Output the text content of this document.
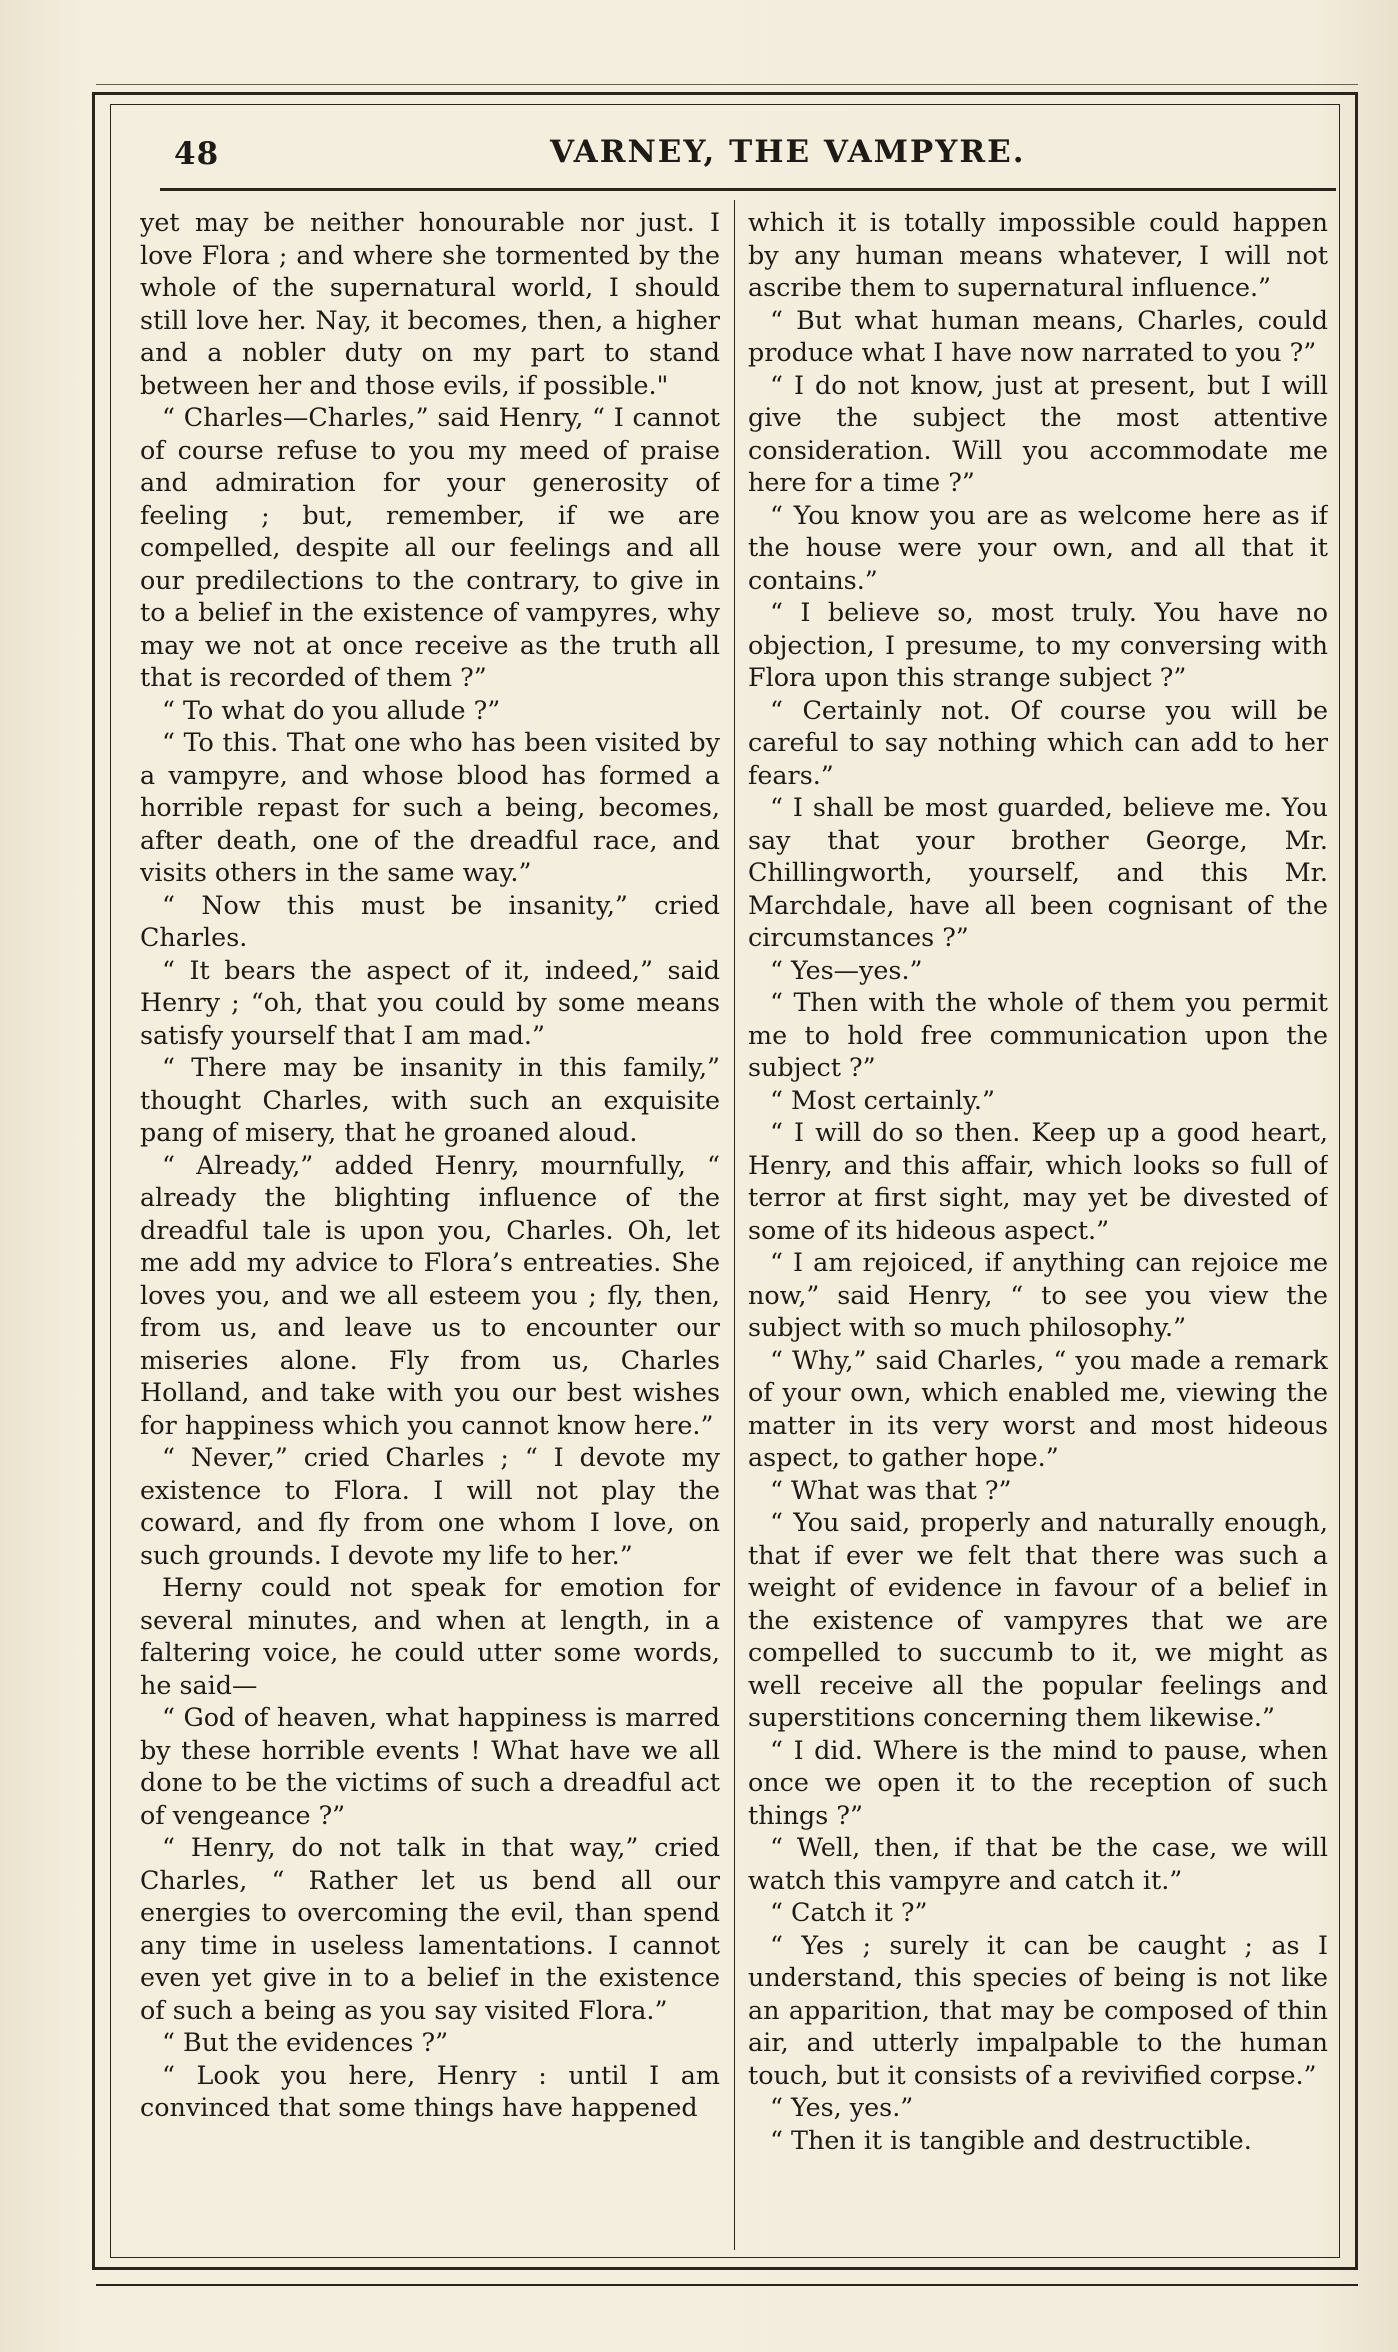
48	VARNEY, THE VAMPYRE.

yet may be neither honourable nor just. I love Flora ; and where she tormented by the whole of the supernatural world, I should still love her. Nay, it becomes, then, a higher and a nobler duty on my part to stand between her and those evils, if possible."

“ Charles—Charles,” said Henry, “ I cannot of course refuse to you my meed of praise and admiration for your generosity of feeling ; but, remember, if we are compelled, despite all our feelings and all our predilections to the contrary, to give in to a belief in the existence of vampyres, why may we not at once receive as the truth all that is recorded of them ?”

“ To what do you allude ?”

“ To this. That one who has been visited by a vampyre, and whose blood has formed a horrible repast for such a being, becomes, after death, one of the dreadful race, and visits others in the same way.”

“ Now this must be insanity,” cried Charles.

“ It bears the aspect of it, indeed,” said Henry ; “oh, that you could by some means satisfy yourself that I am mad.”

“ There may be insanity in this family,” thought Charles, with such an exquisite pang of misery, that he groaned aloud.

“ Already,” added Henry, mournfully, “ already the blighting influence of the dreadful tale is upon you, Charles. Oh, let me add my advice to Flora’s entreaties. She loves you, and we all esteem you ; fly, then, from us, and leave us to encounter our miseries alone. Fly from us, Charles Holland, and take with you our best wishes for happiness which you cannot know here.”

“ Never,” cried Charles ; “ I devote my existence to Flora. I will not play the coward, and fly from one whom I love, on such grounds. I devote my life to her.”

Herny could not speak for emotion for several minutes, and when at length, in a faltering voice, he could utter some words, he said—

“ God of heaven, what happiness is marred by these horrible events ! What have we all done to be the victims of such a dreadful act of vengeance ?”

“ Henry, do not talk in that way,” cried Charles, “ Rather let us bend all our energies to overcoming the evil, than spend any time in useless lamentations. I cannot even yet give in to a belief in the existence of such a being as you say visited Flora.”

“ But the evidences ?”

“ Look you here, Henry : until I am convinced that some things have happened

which it is totally impossible could happen by any human means whatever, I will not ascribe them to supernatural influence.”

“ But what human means, Charles, could produce what I have now narrated to you ?”

“ I do not know, just at present, but I will give the subject the most attentive consideration. Will you accommodate me here for a time ?”

“ You know you are as welcome here as if the house were your own, and all that it contains.”

“ I believe so, most truly. You have no objection, I presume, to my conversing with Flora upon this strange subject ?”

“ Certainly not. Of course you will be careful to say nothing which can add to her fears.”

“ I shall be most guarded, believe me. You say that your brother George, Mr. Chillingworth, yourself, and this Mr. Marchdale, have all been cognisant of the circumstances ?”

“ Yes—yes.”

“ Then with the whole of them you permit me to hold free communication upon the subject ?”

“ Most certainly.”

“ I will do so then. Keep up a good heart, Henry, and this affair, which looks so full of terror at first sight, may yet be divested of some of its hideous aspect.”

“ I am rejoiced, if anything can rejoice me now,” said Henry, “ to see you view the subject with so much philosophy.”

“ Why,” said Charles, “ you made a remark of your own, which enabled me, viewing the matter in its very worst and most hideous aspect, to gather hope.”

“ What was that ?”

“ You said, properly and naturally enough, that if ever we felt that there was such a weight of evidence in favour of a belief in the existence of vampyres that we are compelled to succumb to it, we might as well receive all the popular feelings and superstitions concerning them likewise.”

“ I did. Where is the mind to pause, when once we open it to the reception of such things ?”

“ Well, then, if that be the case, we will watch this vampyre and catch it.”

“ Catch it ?”

“ Yes ; surely it can be caught ; as I understand, this species of being is not like an apparition, that may be composed of thin air, and utterly impalpable to the human touch, but it consists of a revivified corpse.”

“ Yes, yes.”

“ Then it is tangible and destructible.
